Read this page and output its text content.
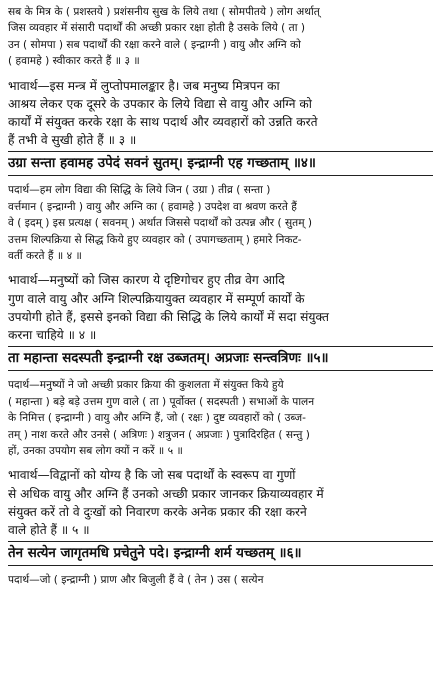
सब के मित्र के ( प्रशस्तये ) प्रशंसनीय सुख के लिये तथा ( सोमपीतये ) लोग अर्थात्
जिस व्यवहार में संसारी पदार्थों की अच्छी प्रकार रक्षा होती है उसके लिये ( ता )
उन ( सोमपा ) सब पदार्थों की रक्षा करने वाले ( इन्द्राग्नी ) वायु और अग्नि को
( हवामहे ) स्वीकार करते हैं ॥ ३ ॥

भावार्थ—इस मन्त्र में लुप्तोपमालङ्कार है। जब मनुष्य मित्रपन का
आश्रय लेकर एक दूसरे के उपकार के लिये विद्या से वायु और अग्नि को
कार्यों में संयुक्त करके रक्षा के साथ पदार्थ और व्यवहारों को उन्नति करते
हैं तभी वे सुखी होते हैं ॥ ३ ॥

उग्रा सन्ता हवामह उपेदं सवनं सुतम्। इन्द्राग्नी एह गच्छताम् ॥४॥

पदार्थ—हम लोग विद्या की सिद्धि के लिये जिन ( उग्रा ) तीव्र ( सन्ता )
वर्त्तमान ( इन्द्राग्नी ) वायु और अग्नि का ( हवामहे ) उपदेश वा श्रवण करते हैं
वे ( इदम् ) इस प्रत्यक्ष ( सवनम् ) अर्थात जिससे पदार्थों को उत्पन्न और ( सुतम् )
उत्तम शिल्पक्रिया से सिद्ध किये हुए व्यवहार को ( उपागच्छताम् ) हमारे निकट-
वर्ती करते हैं ॥ ४ ॥

भावार्थ—मनुष्यों को जिस कारण ये दृष्टिगोचर हुए तीव्र वेग आदि
गुण वाले वायु और अग्नि शिल्पक्रियायुक्त व्यवहार में सम्पूर्ण कार्यों के
उपयोगी होते हैं, इससे इनको विद्या की सिद्धि के लिये कार्यों में सदा संयुक्त
करना चाहिये ॥ ४ ॥

ता महान्ता सदस्पती इन्द्राग्नी रक्ष उब्जतम्। अप्रजाः सन्त्वत्रिणः ॥५॥

पदार्थ—मनुष्यों ने जो अच्छी प्रकार क्रिया की कुशलता में संयुक्त किये हुये
( महान्ता ) बड़े बड़े उत्तम गुण वाले ( ता ) पूर्वोक्त ( सदस्पती ) सभाओं के पालन
के निमित्त ( इन्द्राग्नी ) वायु और अग्नि हैं, जो ( रक्षः ) दुष्ट व्यवहारों को ( उब्ज-
तम् ) नाश करते और उनसे ( अत्रिणः ) शत्रुजन ( अप्रजाः ) पुत्रादिरहित ( सन्तु )
हों, उनका उपयोग सब लोग क्यों न करें ॥ ५ ॥

भावार्थ—विद्वानों को योग्य है कि जो सब पदार्थों के स्वरूप वा गुणों
से अधिक वायु और अग्नि हैं उनको अच्छी प्रकार जानकर क्रियाव्यवहार में
संयुक्त करें तो वे दुःखों को निवारण करके अनेक प्रकार की रक्षा करने
वाले होते हैं ॥ ५ ॥

तेन सत्येन जागृतमधि प्रचेतुने पदे। इन्द्राग्नी शर्म यच्छतम् ॥६॥

पदार्थ—जो ( इन्द्राग्नी ) प्राण और बिजुली हैं वे ( तेन ) उस ( सत्येन
